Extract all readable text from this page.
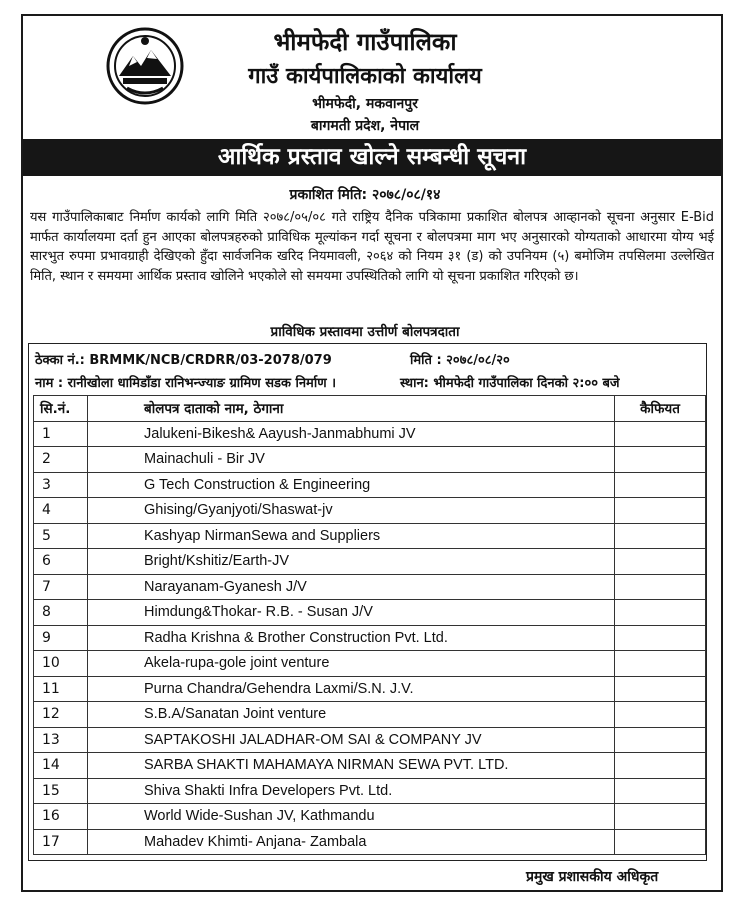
भीमफेदी गाउँपालिका
गाउँ कार्यपालिकाको कार्यालय
भीमफेदी, मकवानपुर
बागमती प्रदेश, नेपाल
आर्थिक प्रस्ताव खोल्ने सम्बन्धी सूचना
प्रकाशित मिति: २०७८/०८/१४
यस गाउँपालिकाबाट निर्माण कार्यको लागि मिति २०७८/०५/०८ गते राष्ट्रिय दैनिक पत्रिकामा प्रकाशित बोलपत्र आव्हानको सूचना अनुसार E-Bid मार्फत कार्यालयमा दर्ता हुन आएका बोलपत्रहरुको प्राविधिक मूल्यांकन गर्दा सूचना र बोलपत्रमा माग भए अनुसारको योग्यताको आधारमा योग्य भई सारभुत रुपमा प्रभावग्राही देखिएको हुँदा सार्वजनिक खरिद नियमावली, २०६४ को नियम ३१ (ड) को उपनियम (५) बमोजिम तपसिलमा उल्लेखित मिति, स्थान र समयमा आर्थिक प्रस्ताव खोलिने भएकोले सो समयमा उपस्थितिको लागि यो सूचना प्रकाशित गरिएको छ।
प्राविधिक प्रस्तावमा उत्तीर्ण बोलपत्रदाता
ठेक्का नं.: BRMMK/NCB/CRDRR/03-2078/079	मिति : २०७८/०८/२०
नाम : रानीखोला धामिडाँडा रानिभन्ज्याङ ग्रामिण सडक निर्माण ।	स्थान: भीमफेदी गाउँपालिका दिनको २:०० बजे
सि.नं.	बोलपत्र दाताको नाम, ठेगाना	कैफियत
1	Jalukeni-Bikesh& Aayush-Janmabhumi JV	
2	Mainachuli - Bir JV	
3	G Tech Construction & Engineering	
4	Ghising/Gyanjyoti/Shaswat-jv	
5	Kashyap NirmanSewa and Suppliers	
6	Bright/Kshitiz/Earth-JV	
7	Narayanam-Gyanesh J/V	
8	Himdung&Thokar- R.B. - Susan J/V	
9	Radha Krishna & Brother Construction Pvt. Ltd.	
10	Akela-rupa-gole joint venture	
11	Purna Chandra/Gehendra Laxmi/S.N. J.V.	
12	S.B.A/Sanatan Joint venture	
13	SAPTAKOSHI JALADHAR-OM SAI & COMPANY JV	
14	SARBA SHAKTI MAHAMAYA NIRMAN SEWA PVT. LTD.	
15	Shiva Shakti Infra Developers Pvt. Ltd.	
16	World Wide-Sushan JV, Kathmandu	
17	Mahadev Khimti- Anjana- Zambala	
प्रमुख प्रशासकीय अधिकृत
